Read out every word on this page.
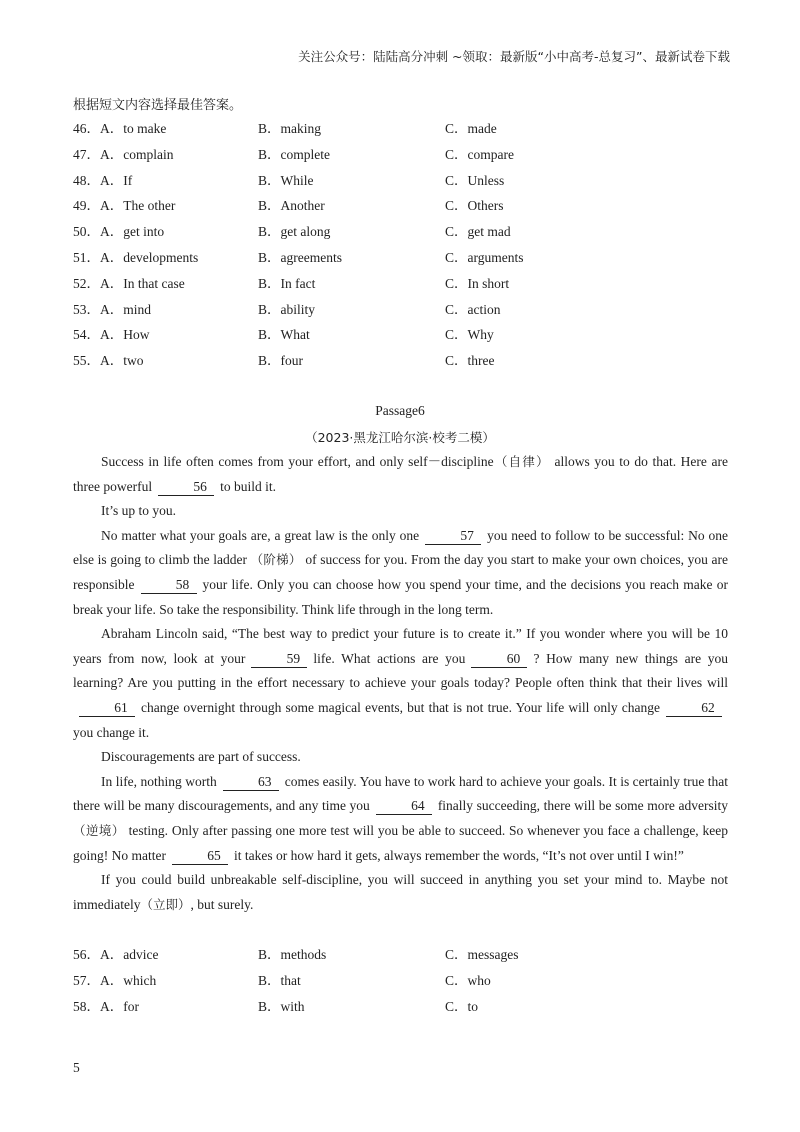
关注公众号：陆陆高分冲刺 ~领取：最新版“小中高考-总复习”、最新试卷下载
根据短文内容选择最佳答案。
46．A．to make	B．making	C．made
47．A．complain	B．complete	C．compare
48．A．If	B．While	C．Unless
49．A．The other	B．Another	C．Others
50．A．get into	B．get along	C．get mad
51．A．developments	B．agreements	C．arguments
52．A．In that case	B．In fact	C．In short
53．A．mind	B．ability	C．action
54．A．How	B．What	C．Why
55．A．two	B．four	C．three
Passage6
（2023·黑龙江哈尔滨·校考二模）

Success in life often comes from your effort, and only self－discipline（自律） allows you to do that. Here are three powerful	56 to build it.

It’s up to you.

No matter what your goals are, a great law is the only one	57 you need to follow to be successful: No one else is going to climb the ladder （阶梯） of success for you. From the day you start to make your own choices, you are responsible	58 your life. Only you can choose how you spend your time, and the decisions you reach make or break your life. So take the responsibility. Think life through in the long term.

Abraham Lincoln said, “The best way to predict your future is to create it.” If you wonder where you will be 10 years from now, look at your	59 life. What actions are you	60 ? How many new things are you learning? Are you putting in the effort necessary to achieve your goals today? People often think that their lives will61 change overnight through some magical events, but that is not true. Your life will only change	62you change it.

Discouragements are part of success.

In life, nothing worth	63 comes easily. You have to work hard to achieve your goals. It is certainly true that there will be many discouragements, and any time you	64 finally succeeding, there will be some more adversity（逆境） testing. Only after passing one more test will you be able to succeed. So whenever you face a challenge, keep going! No matter	65 it takes or how hard it gets, always remember the words, “It’s not over until I win!”

If you could build unbreakable self-discipline, you will succeed in anything you set your mind to. Maybe not immediately（立即）, but surely.

56．A．advice	B．methods	C．messages
57．A．which	B．that	C．who
58．A．for	B．with	C．to
5
